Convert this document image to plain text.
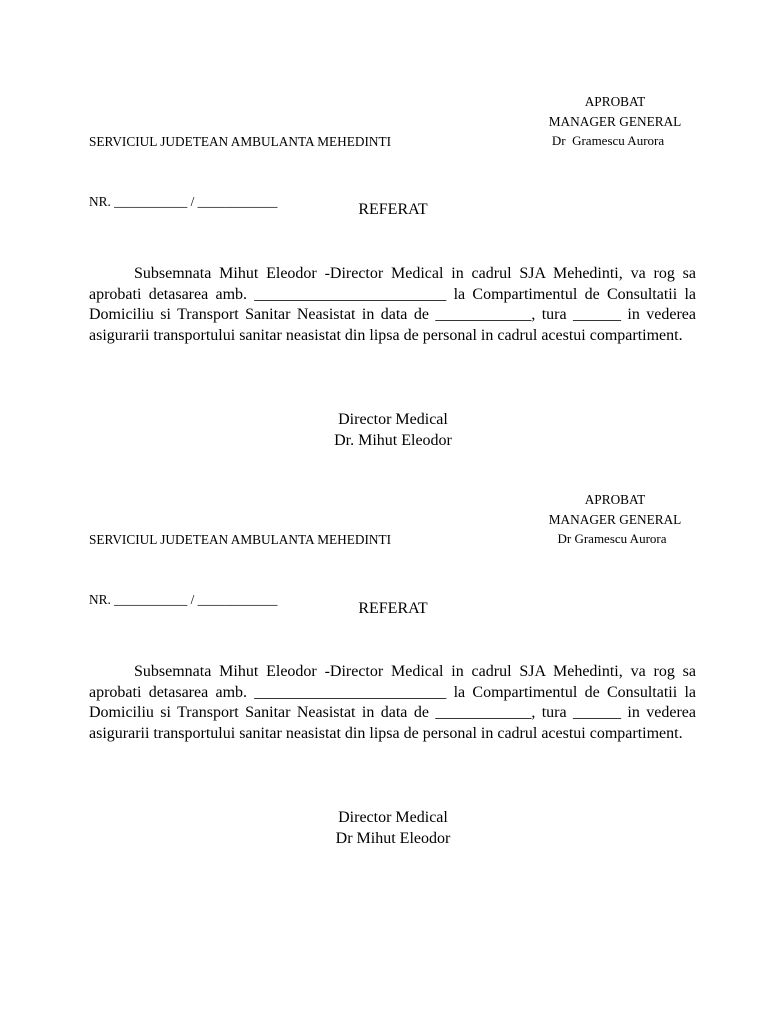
SERVICIUL JUDETEAN AMBULANTA MEHEDINTI

NR. ___________ / ____________

APROBAT
MANAGER GENERAL
Dr  Gramescu Aurora
REFERAT
Subsemnata Mihut Eleodor -Director Medical in cadrul SJA Mehedinti, va rog sa aprobati detasarea amb. ________________________ la Compartimentul de Consultatii la Domiciliu si Transport Sanitar Neasistat in data de ____________, tura ______ in vederea asigurarii transportului sanitar neasistat din lipsa de personal in cadrul acestui compartiment.
Director Medical
Dr. Mihut Eleodor

SERVICIUL JUDETEAN AMBULANTA MEHEDINTI

NR. ___________ / ____________

APROBAT
MANAGER GENERAL
Dr Gramescu Aurora
REFERAT
Subsemnata Mihut Eleodor -Director Medical in cadrul SJA Mehedinti, va rog sa aprobati detasarea amb. ________________________ la Compartimentul de Consultatii la Domiciliu si Transport Sanitar Neasistat in data de ____________, tura ______ in vederea asigurarii transportului sanitar neasistat din lipsa de personal in cadrul acestui compartiment.
Director Medical
Dr Mihut Eleodor
